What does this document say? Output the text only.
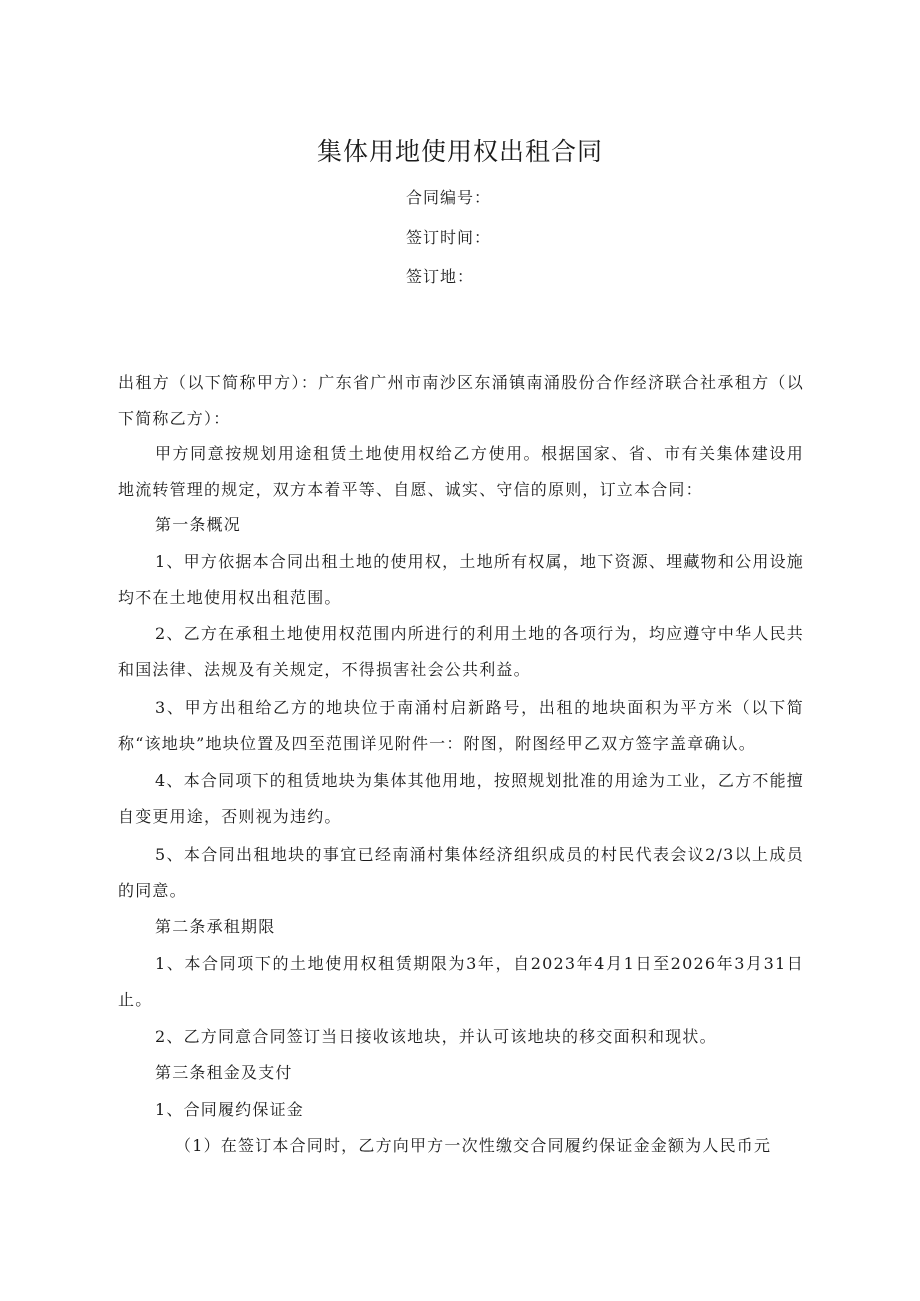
集体用地使用权出租合同
合同编号：
签订时间：
签订地：
出租方（以下简称甲方）：广东省广州市南沙区东涌镇南涌股份合作经济联合社承租方（以下简称乙方）：
甲方同意按规划用途租赁土地使用权给乙方使用。根据国家、省、市有关集体建设用地流转管理的规定，双方本着平等、自愿、诚实、守信的原则，订立本合同：
第一条概况
1、甲方依据本合同出租土地的使用权，土地所有权属，地下资源、埋藏物和公用设施均不在土地使用权出租范围。
2、乙方在承租土地使用权范围内所进行的利用土地的各项行为，均应遵守中华人民共和国法律、法规及有关规定，不得损害社会公共利益。
3、甲方出租给乙方的地块位于南涌村启新路号，出租的地块面积为平方米（以下简称“该地块”地块位置及四至范围详见附件一：附图，附图经甲乙双方签字盖章确认。
4、本合同项下的租赁地块为集体其他用地，按照规划批准的用途为工业，乙方不能擅自变更用途，否则视为违约。
5、本合同出租地块的事宜已经南涌村集体经济组织成员的村民代表会议2/3以上成员的同意。
第二条承租期限
1、本合同项下的土地使用权租赁期限为3年，自2023年4月1日至2026年3月31日止。
2、乙方同意合同签订当日接收该地块，并认可该地块的移交面积和现状。
第三条租金及支付
1、合同履约保证金
（1）在签订本合同时，乙方向甲方一次性缴交合同履约保证金金额为人民币元
